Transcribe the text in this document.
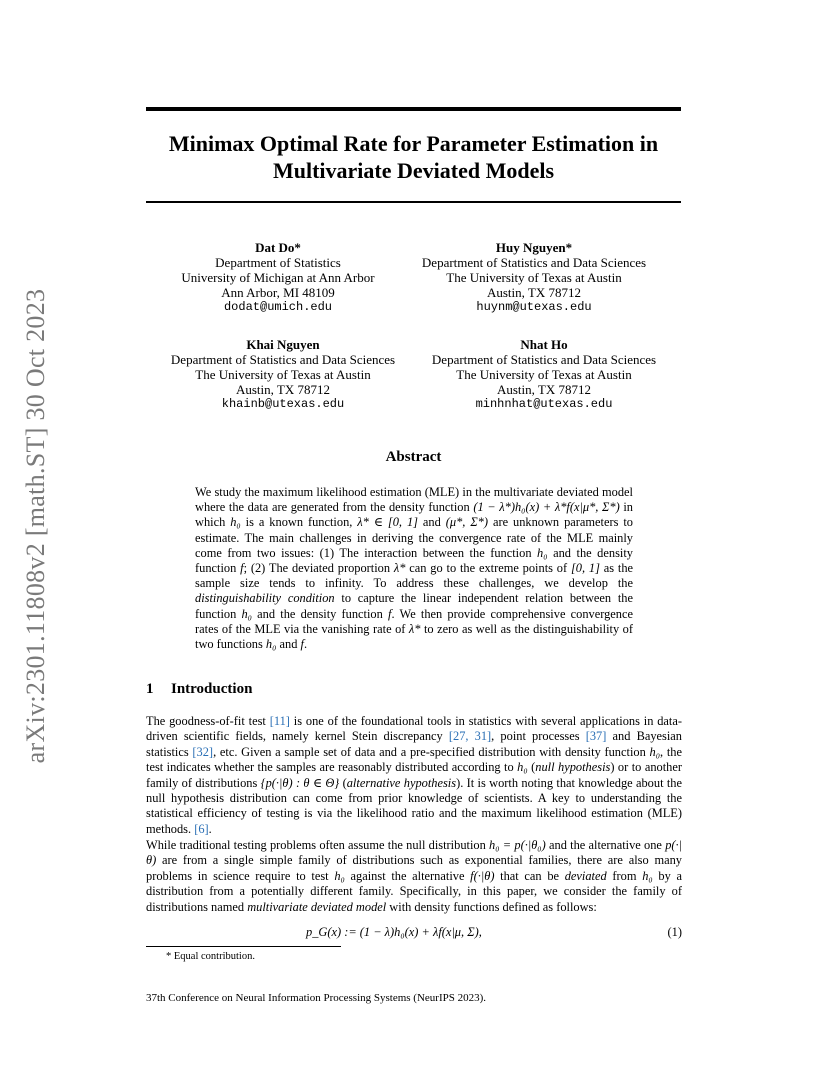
Minimax Optimal Rate for Parameter Estimation in
Multivariate Deviated Models
arXiv:2301.11808v2 [math.ST] 30 Oct 2023
Dat Do*
Department of Statistics
University of Michigan at Ann Arbor
Ann Arbor, MI 48109
dodat@umich.edu
Huy Nguyen*
Department of Statistics and Data Sciences
The University of Texas at Austin
Austin, TX 78712
huynm@utexas.edu
Khai Nguyen
Department of Statistics and Data Sciences
The University of Texas at Austin
Austin, TX 78712
khainb@utexas.edu
Nhat Ho
Department of Statistics and Data Sciences
The University of Texas at Austin
Austin, TX 78712
minhnhat@utexas.edu
Abstract
We study the maximum likelihood estimation (MLE) in the multivariate deviated model where the data are generated from the density function (1 − λ*)h₀(x) + λ*f(x|μ*, Σ*) in which h₀ is a known function, λ* ∈ [0, 1] and (μ*, Σ*) are unknown parameters to estimate. The main challenges in deriving the convergence rate of the MLE mainly come from two issues: (1) The interaction between the function h₀ and the density function f; (2) The deviated proportion λ* can go to the extreme points of [0, 1] as the sample size tends to infinity. To address these challenges, we develop the distinguishability condition to capture the linear independent relation between the function h₀ and the density function f. We then provide comprehensive convergence rates of the MLE via the vanishing rate of λ* to zero as well as the distinguishability of two functions h₀ and f.
1 Introduction
The goodness-of-fit test [11] is one of the foundational tools in statistics with several applications in data-driven scientific fields, namely kernel Stein discrepancy [27, 31], point processes [37] and Bayesian statistics [32], etc. Given a sample set of data and a pre-specified distribution with density function h₀, the test indicates whether the samples are reasonably distributed according to h₀ (null hypothesis) or to another family of distributions {p(·|θ) : θ ∈ Θ} (alternative hypothesis). It is worth noting that knowledge about the null hypothesis distribution can come from prior knowledge of scientists. A key to understanding the statistical efficiency of testing is via the likelihood ratio and the maximum likelihood estimation (MLE) methods. [6].
While traditional testing problems often assume the null distribution h₀ = p(·|θ₀) and the alternative one p(·|θ) are from a single simple family of distributions such as exponential families, there are also many problems in science require to test h₀ against the alternative f(·|θ) that can be deviated from h₀ by a distribution from a potentially different family. Specifically, in this paper, we consider the family of distributions named multivariate deviated model with density functions defined as follows:
p_G(x) := (1 − λ)h₀(x) + λf(x|μ, Σ),	(1)
* Equal contribution.
37th Conference on Neural Information Processing Systems (NeurIPS 2023).
